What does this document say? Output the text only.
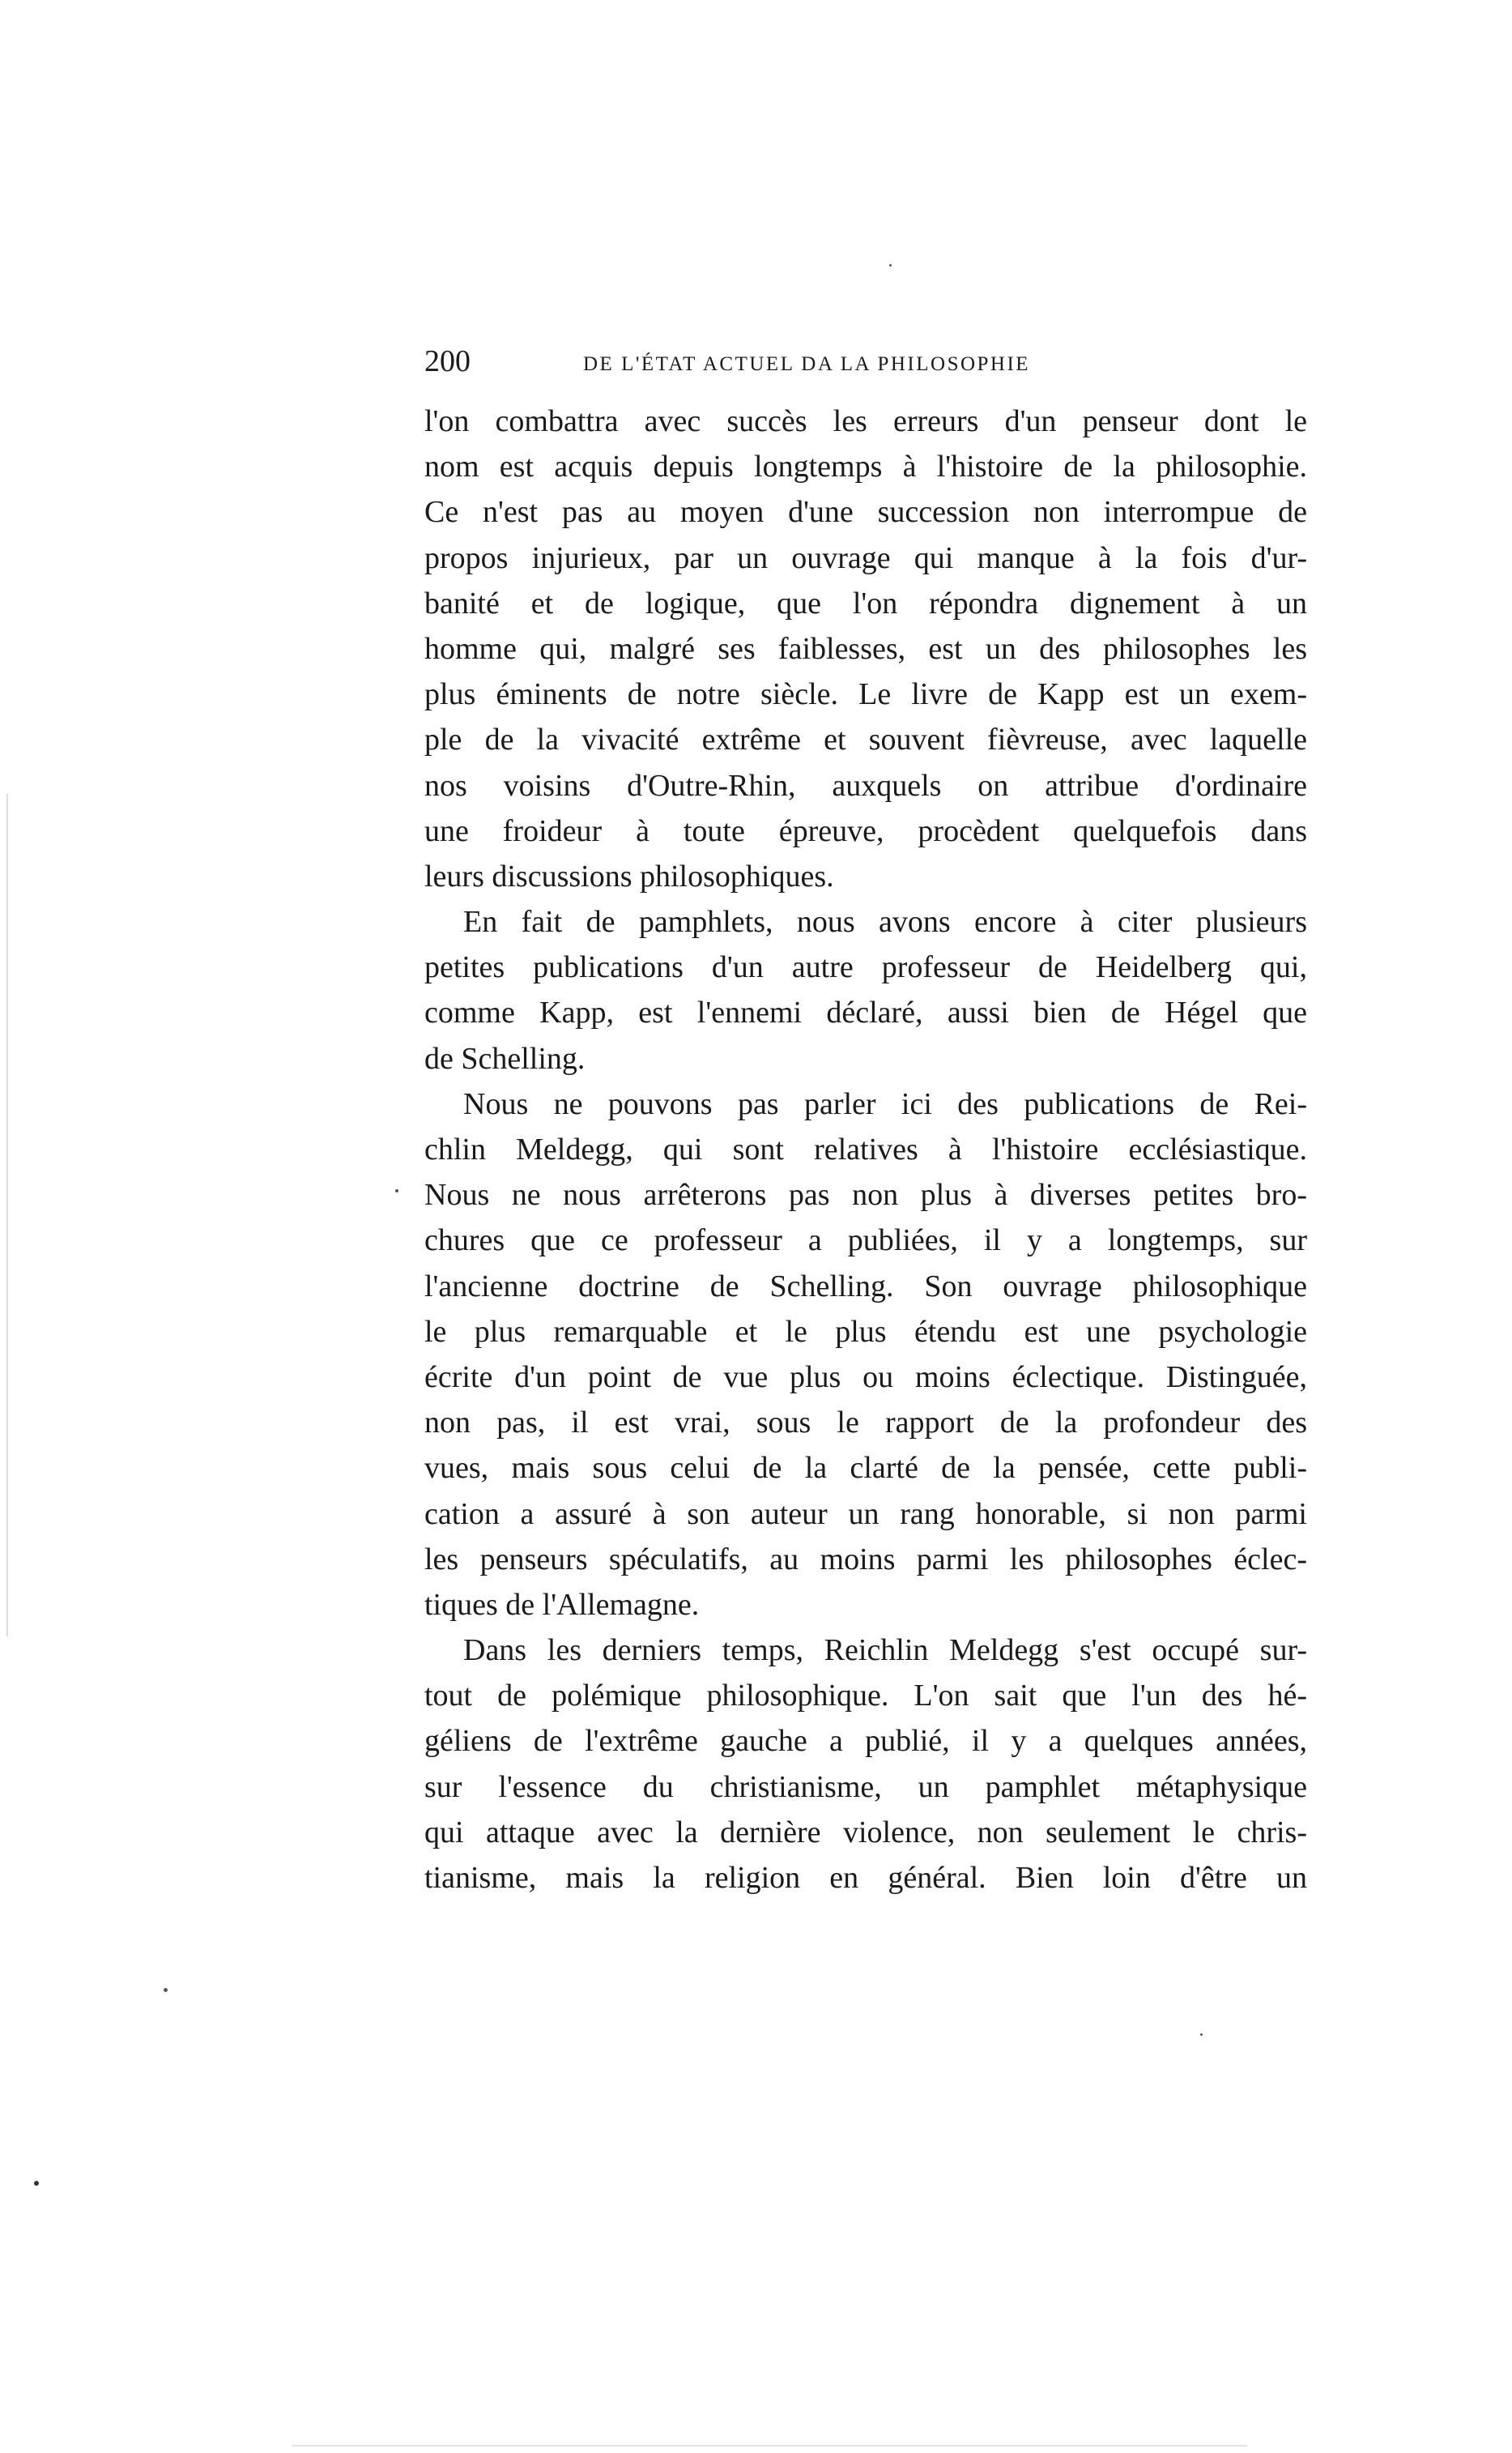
200	DE L'ÉTAT ACTUEL DA LA PHILOSOPHIE
l'on combattra avec succès les erreurs d'un penseur dont le
nom est acquis depuis longtemps à l'histoire de la philosophie.
Ce n'est pas au moyen d'une succession non interrompue de
propos injurieux, par un ouvrage qui manque à la fois d'ur-
banité et de logique, que l'on répondra dignement à un
homme qui, malgré ses faiblesses, est un des philosophes les
plus éminents de notre siècle. Le livre de Kapp est un exem-
ple de la vivacité extrême et souvent fièvreuse, avec laquelle
nos voisins d'Outre-Rhin, auxquels on attribue d'ordinaire
une froideur à toute épreuve, procèdent quelquefois dans
leurs discussions philosophiques.
En fait de pamphlets, nous avons encore à citer plusieurs
petites publications d'un autre professeur de Heidelberg qui,
comme Kapp, est l'ennemi déclaré, aussi bien de Hégel que
de Schelling.
Nous ne pouvons pas parler ici des publications de Rei-
chlin Meldegg, qui sont relatives à l'histoire ecclésiastique.
Nous ne nous arrêterons pas non plus à diverses petites bro-
chures que ce professeur a publiées, il y a longtemps, sur
l'ancienne doctrine de Schelling. Son ouvrage philosophique
le plus remarquable et le plus étendu est une psychologie
écrite d'un point de vue plus ou moins éclectique. Distinguée,
non pas, il est vrai, sous le rapport de la profondeur des
vues, mais sous celui de la clarté de la pensée, cette publi-
cation a assuré à son auteur un rang honorable, si non parmi
les penseurs spéculatifs, au moins parmi les philosophes éclec-
tiques de l'Allemagne.
Dans les derniers temps, Reichlin Meldegg s'est occupé sur-
tout de polémique philosophique. L'on sait que l'un des hé-
géliens de l'extrême gauche a publié, il y a quelques années,
sur l'essence du christianisme, un pamphlet métaphysique
qui attaque avec la dernière violence, non seulement le chris-
tianisme, mais la religion en général. Bien loin d'être un
